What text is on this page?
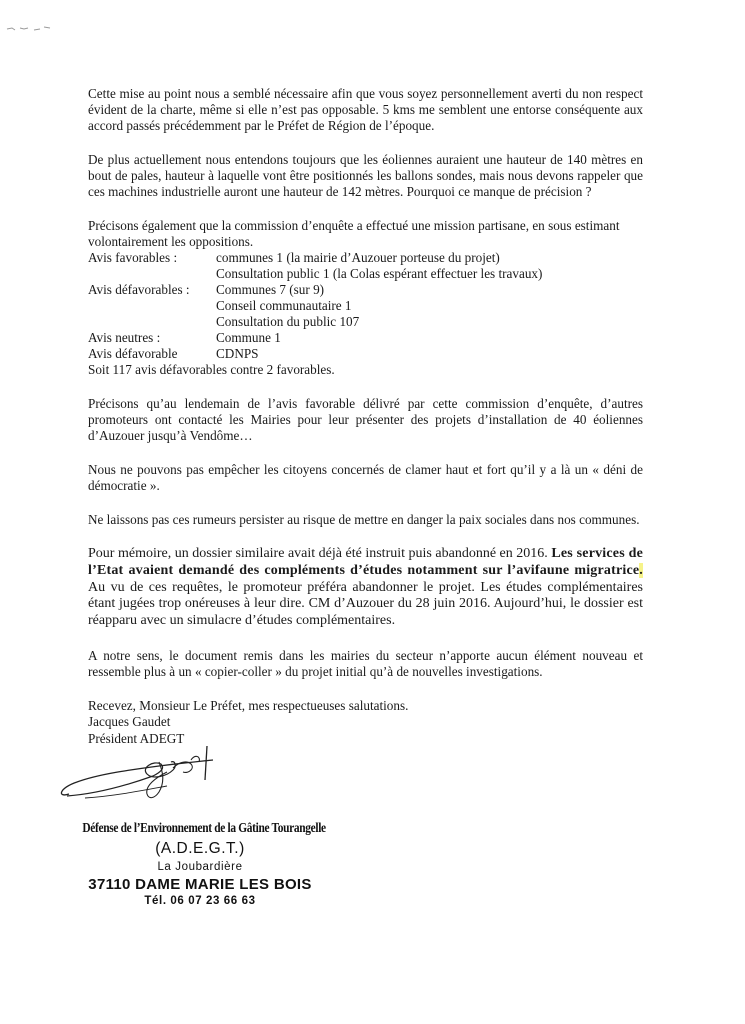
Cette mise au point nous a semblé nécessaire afin que vous soyez personnellement averti du non respect évident de la charte, même si elle n’est pas opposable. 5 kms me semblent une entorse conséquente aux accord passés précédemment par le Préfet de Région de l’époque.

De plus actuellement nous entendons toujours que les éoliennes auraient une hauteur de 140 mètres en bout de pales, hauteur à laquelle vont être positionnés les ballons sondes, mais nous devons rappeler que ces machines industrielle auront une hauteur de 142 mètres. Pourquoi ce manque de précision ?

Précisons également que la commission d’enquête a effectué une mission partisane, en sous estimant volontairement les oppositions.

Avis favorables :	communes 1 (la mairie d’Auzouer porteuse du projet)
Consultation public 1 (la Colas espérant effectuer les travaux)
Avis défavorables :	Communes 7 (sur 9)
Conseil communautaire 1
Consultation du public 107
Avis neutres :	Commune 1
Avis défavorable	CDNPS
Soit 117 avis défavorables contre 2 favorables.

Précisons qu’au lendemain de l’avis favorable délivré par cette commission d’enquête, d’autres promoteurs ont contacté les Mairies pour leur présenter des projets d’installation de 40 éoliennes d’Auzouer jusqu’à Vendôme…

Nous ne pouvons pas empêcher les citoyens concernés de clamer haut et fort qu’il y a là un « déni de démocratie ».

Ne laissons pas ces rumeurs persister au risque de mettre en danger la paix sociales dans nos communes.

Pour mémoire, un dossier similaire avait déjà été instruit puis abandonné en 2016. Les services de l’Etat avaient demandé des compléments d’études notamment sur l’avifaune migratrice. Au vu de ces requêtes, le promoteur préféra abandonner le projet. Les études complémentaires étant jugées trop onéreuses à leur dire. CM d’Auzouer du 28 juin 2016. Aujourd’hui, le dossier est réapparu avec un simulacre d’études complémentaires.

A notre sens, le document remis dans les mairies du secteur n’apporte aucun élément nouveau et ressemble plus à un « copier-coller » du projet initial qu’à de nouvelles investigations.

Recevez, Monsieur Le Préfet, mes respectueuses salutations.

Jacques Gaudet
Président ADEGT
Défense de l’Environnement de la Gâtine Tourangelle
(A.D.E.G.T.)
La Joubardière
37110 DAME MARIE LES BOIS
Tél. 06 07 23 66 63
